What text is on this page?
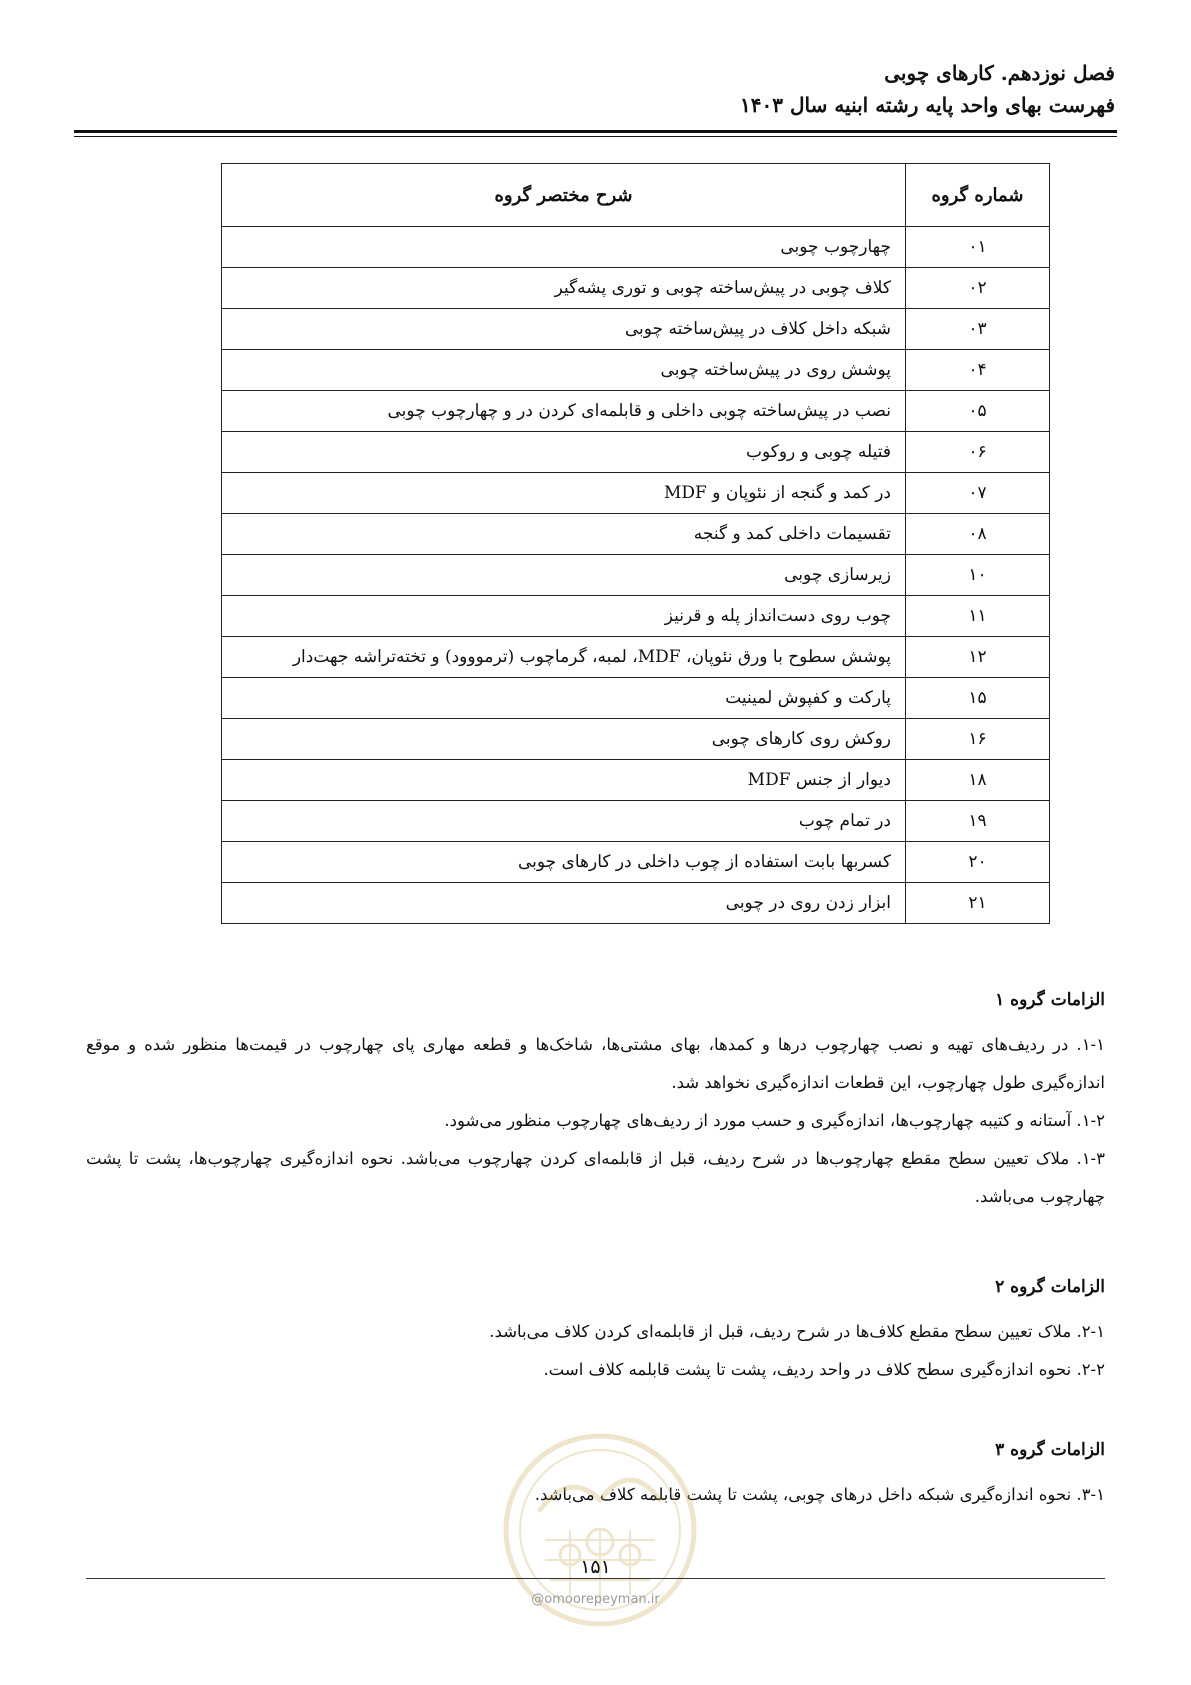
فصل نوزدهم. کارهای چوبی

فهرست بهای واحد پایه رشته ابنیه سال ۱۴۰۳

شماره گروه	شرح مختصر گروه
۰۱	چهارچوب چوبی
۰۲	کلاف چوبی در پیش‌ساخته چوبی و توری پشه‌گیر
۰۳	شبکه داخل کلاف در پیش‌ساخته چوبی
۰۴	پوشش روی در پیش‌ساخته چوبی
۰۵	نصب در پیش‌ساخته چوبی داخلی و قابلمه‌ای کردن در و چهارچوب چوبی
۰۶	فتیله چوبی و روکوب
۰۷	در کمد و گنجه از نئوپان و MDF
۰۸	تقسیمات داخلی کمد و گنجه
۱۰	زیرسازی چوبی
۱۱	چوب روی دست‌انداز پله و قرنیز
۱۲	پوشش سطوح با ورق نئوپان، MDF، لمبه، گرماچوب (ترمووود) و تخته‌تراشه جهت‌دار
۱۵	پارکت و کفپوش لمینیت
۱۶	روکش روی کارهای چوبی
۱۸	دیوار از جنس MDF
۱۹	در تمام چوب
۲۰	کسربها بابت استفاده از چوب داخلی در کارهای چوبی
۲۱	ابزار زدن روی در چوبی
الزامات گروه ۱

۱-۱. در ردیف‌های تهیه و نصب چهارچوب درها و کمدها، بهای مشتی‌ها، شاخک‌ها و قطعه مهاری پای چهارچوب در قیمت‌ها منظور شده و موقع اندازه‌گیری طول چهارچوب، این قطعات اندازه‌گیری نخواهد شد.

۱-۲. آستانه و کتیبه چهارچوب‌ها، اندازه‌گیری و حسب مورد از ردیف‌های چهارچوب منظور می‌شود.

۱-۳. ملاک تعیین سطح مقطع چهارچوب‌ها در شرح ردیف، قبل از قابلمه‌ای کردن چهارچوب می‌باشد. نحوه اندازه‌گیری چهارچوب‌ها، پشت تا پشت چهارچوب می‌باشد.

الزامات گروه ۲

۲-۱. ملاک تعیین سطح مقطع کلاف‌ها در شرح ردیف، قبل از قابلمه‌ای کردن کلاف می‌باشد.

۲-۲. نحوه اندازه‌گیری سطح کلاف در واحد ردیف، پشت تا پشت قابلمه کلاف است.

الزامات گروه ۳

۳-۱. نحوه اندازه‌گیری شبکه داخل درهای چوبی، پشت تا پشت قابلمه کلاف می‌باشد.

۱۵۱
@omoorepeyman.ir
